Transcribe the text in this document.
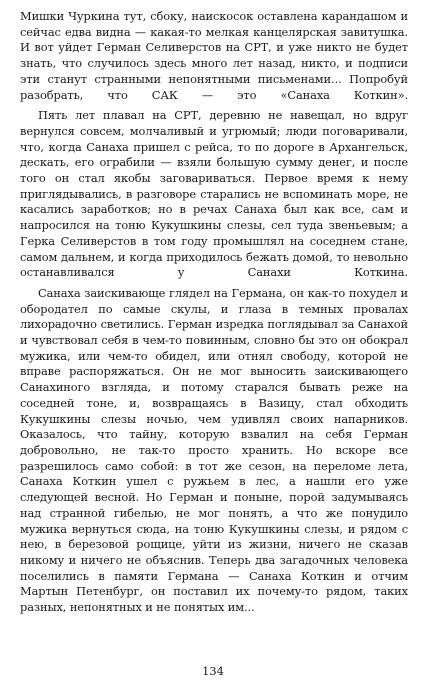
Мишки Чуркина тут, сбоку, наискосок оставлена карандашом и сейчас едва видна — какая-то мелкая канцелярская завитушка. И вот уйдет Герман Селиверстов на СРТ, и уже никто не будет знать, что случилось здесь много лет назад, никто, и подписи эти станут странными непонятными письменами... Попробуй разобрать, что САК — это «Санаха Коткин».

Пять лет плавал на СРТ, деревню не навещал, но вдруг вернулся совсем, молчаливый и угрюмый; люди поговаривали, что, когда Санаха пришел с рейса, то по дороге в Архангельск, дескать, его ограбили — взяли большую сумму денег, и после того он стал якобы заговариваться. Первое время к нему приглядывались, в разговоре старались не вспоминать море, не касались заработков; но в речах Санаха был как все, сам и напросился на тоню Кукушкины слезы, сел туда звеньевым; а Герка Селиверстов в том году промышлял на соседнем стане, самом дальнем, и когда приходилось бежать домой, то невольно останавливался у Санахи Коткина.

Санаха заискивающе глядел на Германа, он как-то похудел и обородател по самые скулы, и глаза в темных провалах лихорадочно светились. Герман изредка поглядывал за Санахой и чувствовал себя в чем-то повинным, словно бы это он обокрал мужика, или чем-то обидел, или отнял свободу, которой не вправе распоряжаться. Он не мог выносить заискивающего Санахиного взгляда, и потому старался бывать реже на соседней тоне, и, возвращаясь в Вазицу, стал обходить Кукушкины слезы ночью, чем удивлял своих напарников. Оказалось, что тайну, которую взвалил на себя Герман добровольно, не так-то просто хранить. Но вскоре все разрешилось само собой: в тот же сезон, на переломе лета, Санаха Коткин ушел с ружьем в лес, а нашли его уже следующей весной. Но Герман и поныне, порой задумываясь над странной гибелью, не мог понять, а что же понудило мужика вернуться сюда, на тоню Кукушкины слезы, и рядом с нею, в березовой рощице, уйти из жизни, ничего не сказав никому и ничего не объяснив. Теперь два загадочных человека поселились в памяти Германа — Санаха Коткин и отчим Мартын Петенбург, он поставил их почему-то рядом, таких разных, непонятных и не понятых им...

134
